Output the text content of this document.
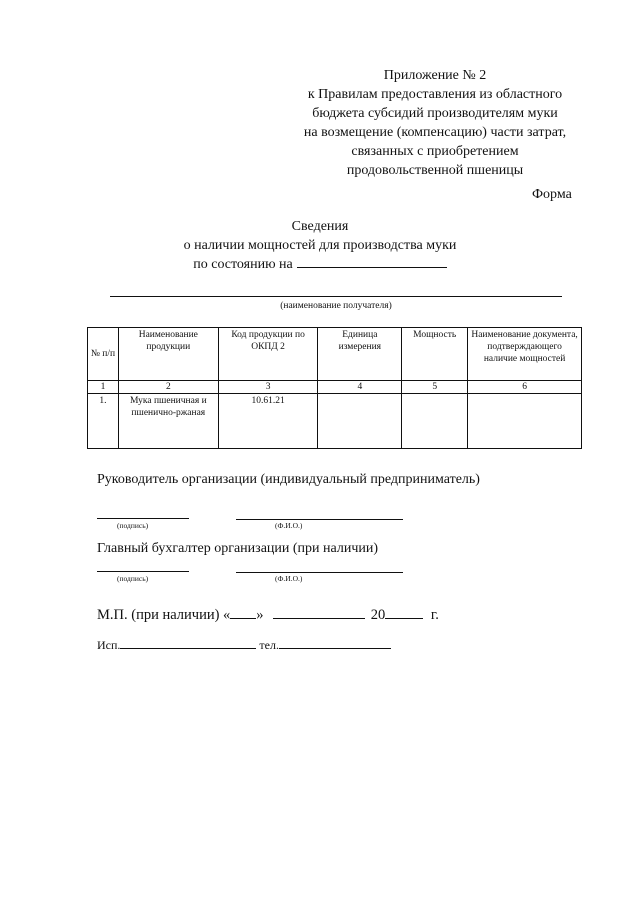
Приложение № 2
к Правилам предоставления из областного
бюджета субсидий производителям муки
на возмещение (компенсацию) части затрат,
связанных с приобретением
продовольственной пшеницы
Форма
Сведения
о наличии мощностей для производства муки
по состоянию на
(наименование получателя)
№ п/п	Наименование продукции	Код продукции по ОКПД 2	Единица измерения	Мощность	Наименование документа, подтверждающего наличие мощностей
1	2	3	4	5	6
1.	Мука пшеничная и пшенично-ржаная	10.61.21			
Руководитель организации (индивидуальный предприниматель)
(подпись)	(Ф.И.О.)
Главный бухгалтер организации (при наличии)
(подпись)	(Ф.И.О.)
М.П. (при наличии) « »	20	г.
Исп.	тел.
